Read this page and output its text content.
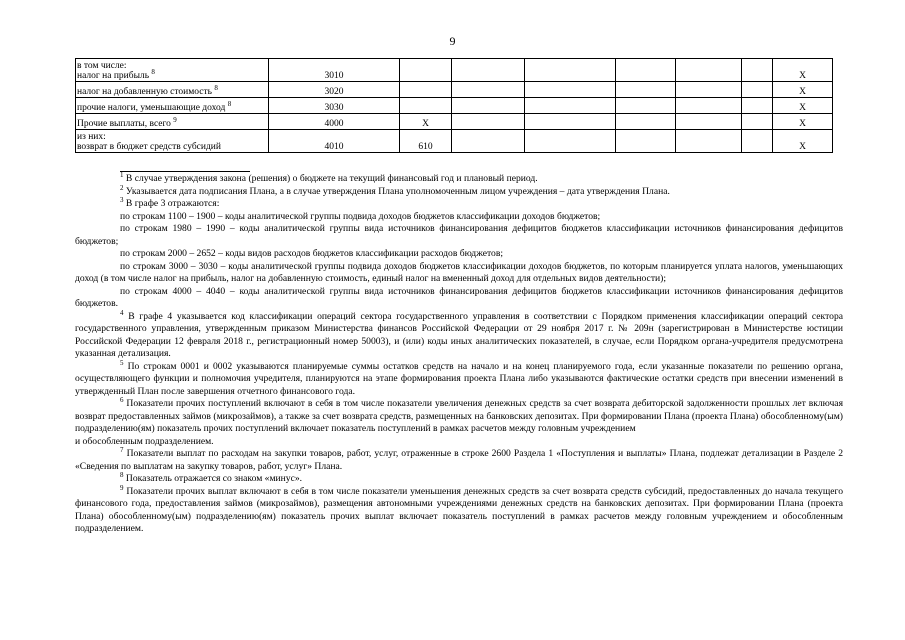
9
в том числе:
налог на прибыль $^8$	3010							X

налог на добавленную стоимость $^8$	3020							X

прочие налоги, уменьшающие доход $^8$	3030							X

Прочие выплаты, всего $^9$	4000	X						X

из них:
возврат в бюджет средств субсидий	4010	610						X

$^1$ В случае утверждения закона (решения) о бюджете на текущий финансовый год и плановый период.

$^2$ Указывается дата подписания Плана, а в случае утверждения Плана уполномоченным лицом учреждения – дата утверждения Плана.

$^3$ В графе 3 отражаются:

по строкам 1100 – 1900 – коды аналитической группы подвида доходов бюджетов классификации доходов бюджетов;

по строкам 1980 – 1990 – коды аналитической группы вида источников финансирования дефицитов бюджетов классификации источников финансирования дефицитов бюджетов;

по строкам 2000 – 2652 – коды видов расходов бюджетов классификации расходов бюджетов;

по строкам 3000 – 3030 – коды аналитической группы подвида доходов бюджетов классификации доходов бюджетов, по которым планируется уплата налогов, уменьшающих доход (в том числе налог на прибыль, налог на добавленную стоимость, единый налог на вмененный доход для отдельных видов деятельности);

по строкам 4000 – 4040 – коды аналитической группы вида источников финансирования дефицитов бюджетов классификации источников финансирования дефицитов бюджетов.

$^4$ В графе 4 указывается код классификации операций сектора государственного управления в соответствии с Порядком применения классификации операций сектора государственного управления, утвержденным приказом Министерства финансов Российской Федерации от 29 ноября 2017 г. № 209н (зарегистрирован в Министерстве юстиции Российской Федерации 12 февраля 2018 г., регистрационный номер 50003), и (или) коды иных аналитических показателей, в случае, если Порядком органа-учредителя предусмотрена указанная детализация.

$^5$ По строкам 0001 и 0002 указываются планируемые суммы остатков средств на начало и на конец планируемого года, если указанные показатели по решению органа, осуществляющего функции и полномочия учредителя, планируются на этапе формирования проекта Плана либо указываются фактические остатки средств при внесении изменений в утвержденный План после завершения отчетного финансового года.

$^6$ Показатели прочих поступлений включают в себя в том числе показатели увеличения денежных средств за счет возврата дебиторской задолженности прошлых лет включая возврат предоставленных займов (микрозаймов), а также за счет возврата средств, размещенных на банковских депозитах. При формировании Плана (проекта Плана) обособленному(ым) подразделению(ям) показатель прочих поступлений включает показатель поступлений в рамках расчетов между головным учреждением

и обособленным подразделением.

$^7$ Показатели выплат по расходам на закупки товаров, работ, услуг, отраженные в строке 2600 Раздела 1 «Поступления и выплаты» Плана, подлежат детализации в Разделе 2 «Сведения по выплатам на закупку товаров, работ, услуг» Плана.

$^8$ Показатель отражается со знаком «минус».

$^9$ Показатели прочих выплат включают в себя в том числе показатели уменьшения денежных средств за счет возврата средств субсидий, предоставленных до начала текущего финансового года, предоставления займов (микрозаймов), размещения автономными учреждениями денежных средств на банковских депозитах. При формировании Плана (проекта Плана) обособленному(ым) подразделению(ям) показатель прочих выплат включает показатель поступлений в рамках расчетов между головным учреждением и обособленным подразделением.
